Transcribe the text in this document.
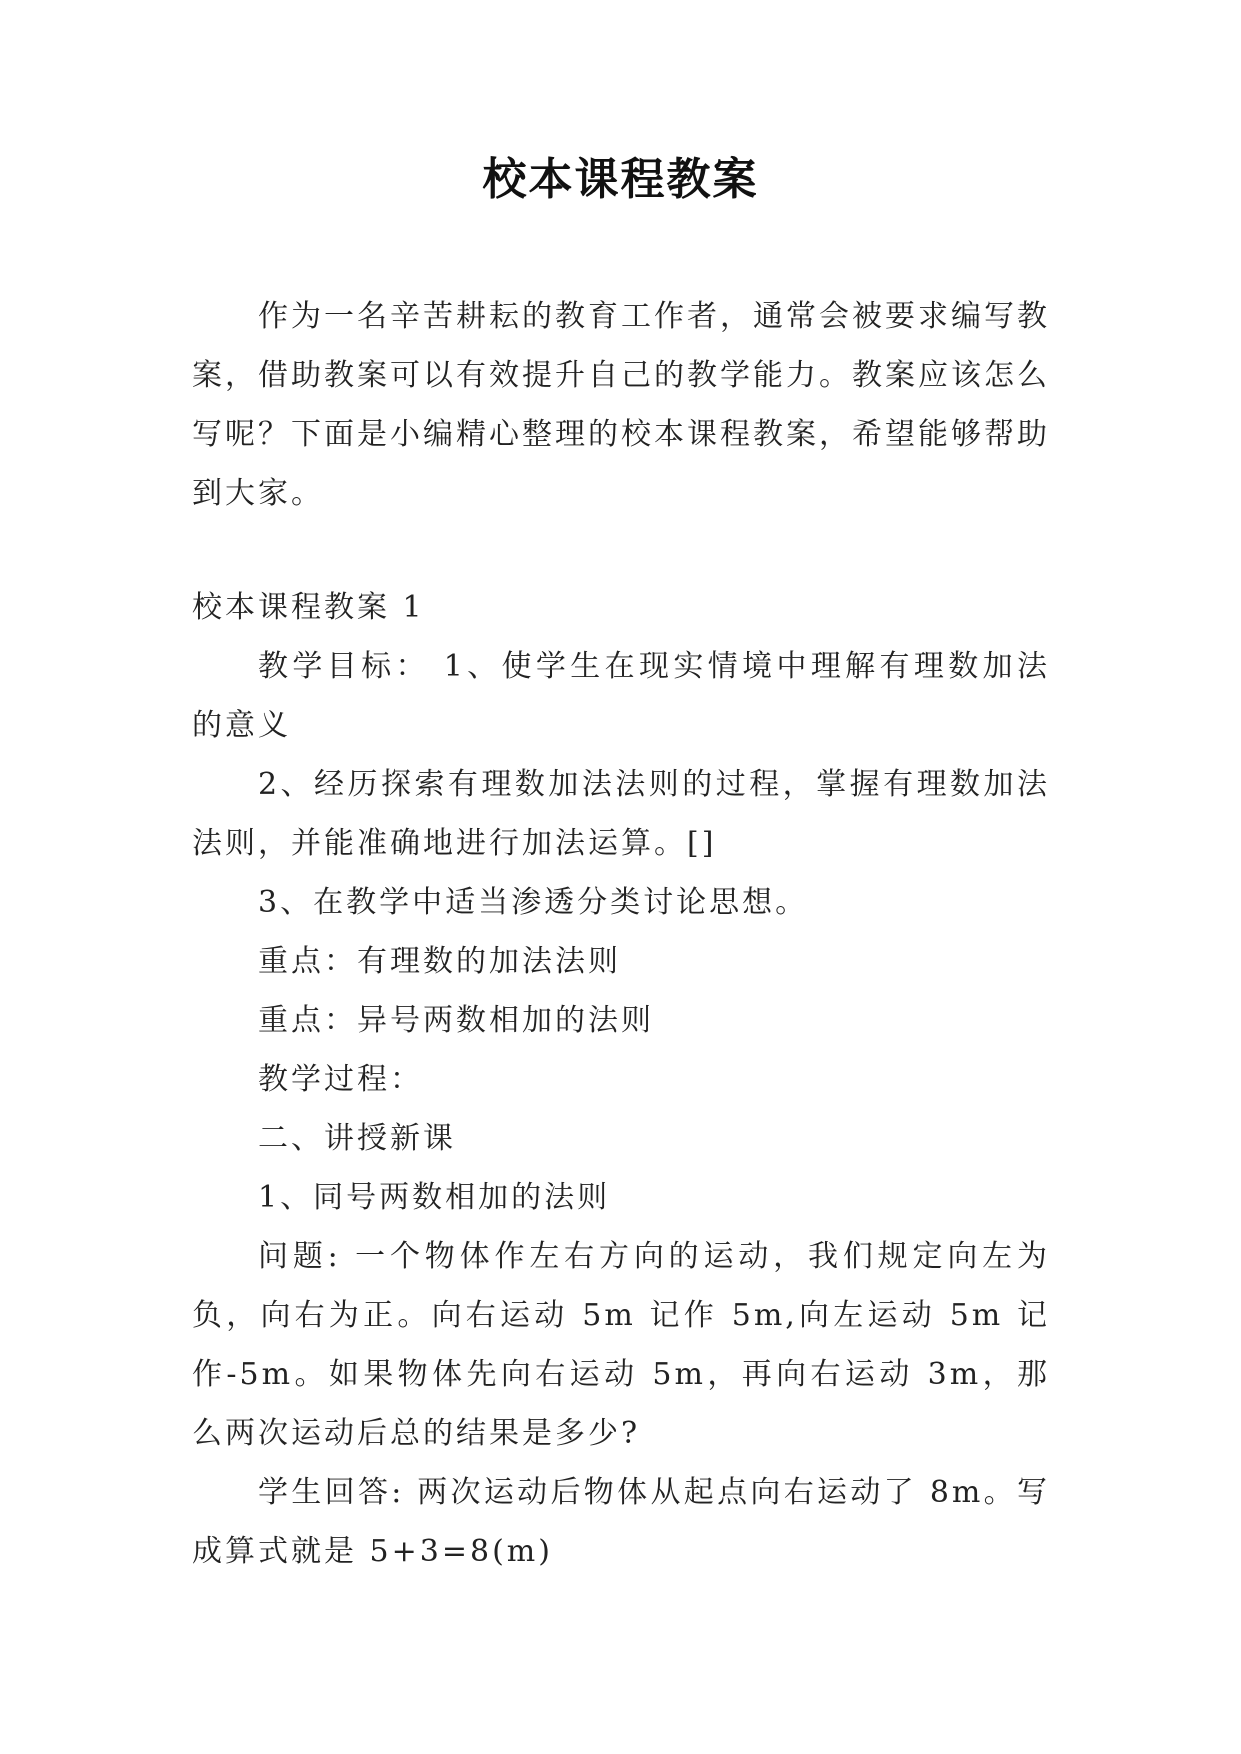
校本课程教案

作为一名辛苦耕耘的教育工作者，通常会被要求编写教案，借助教案可以有效提升自己的教学能力。教案应该怎么写呢？下面是小编精心整理的校本课程教案，希望能够帮助到大家。

校本课程教案 1

教学目标： 1、使学生在现实情境中理解有理数加法的意义

2、经历探索有理数加法法则的过程，掌握有理数加法法则，并能准确地进行加法运算。[]

3、在教学中适当渗透分类讨论思想。

重点：有理数的加法法则

重点：异号两数相加的法则

教学过程：

二、讲授新课

1、同号两数相加的法则

问题: 一个物体作左右方向的运动，我们规定向左为负，向右为正。向右运动 5m 记作 5m,向左运动 5m 记作-5m。如果物体先向右运动 5m，再向右运动 3m，那么两次运动后总的结果是多少?

学生回答: 两次运动后物体从起点向右运动了 8m。写成算式就是 5+3=8(m)
